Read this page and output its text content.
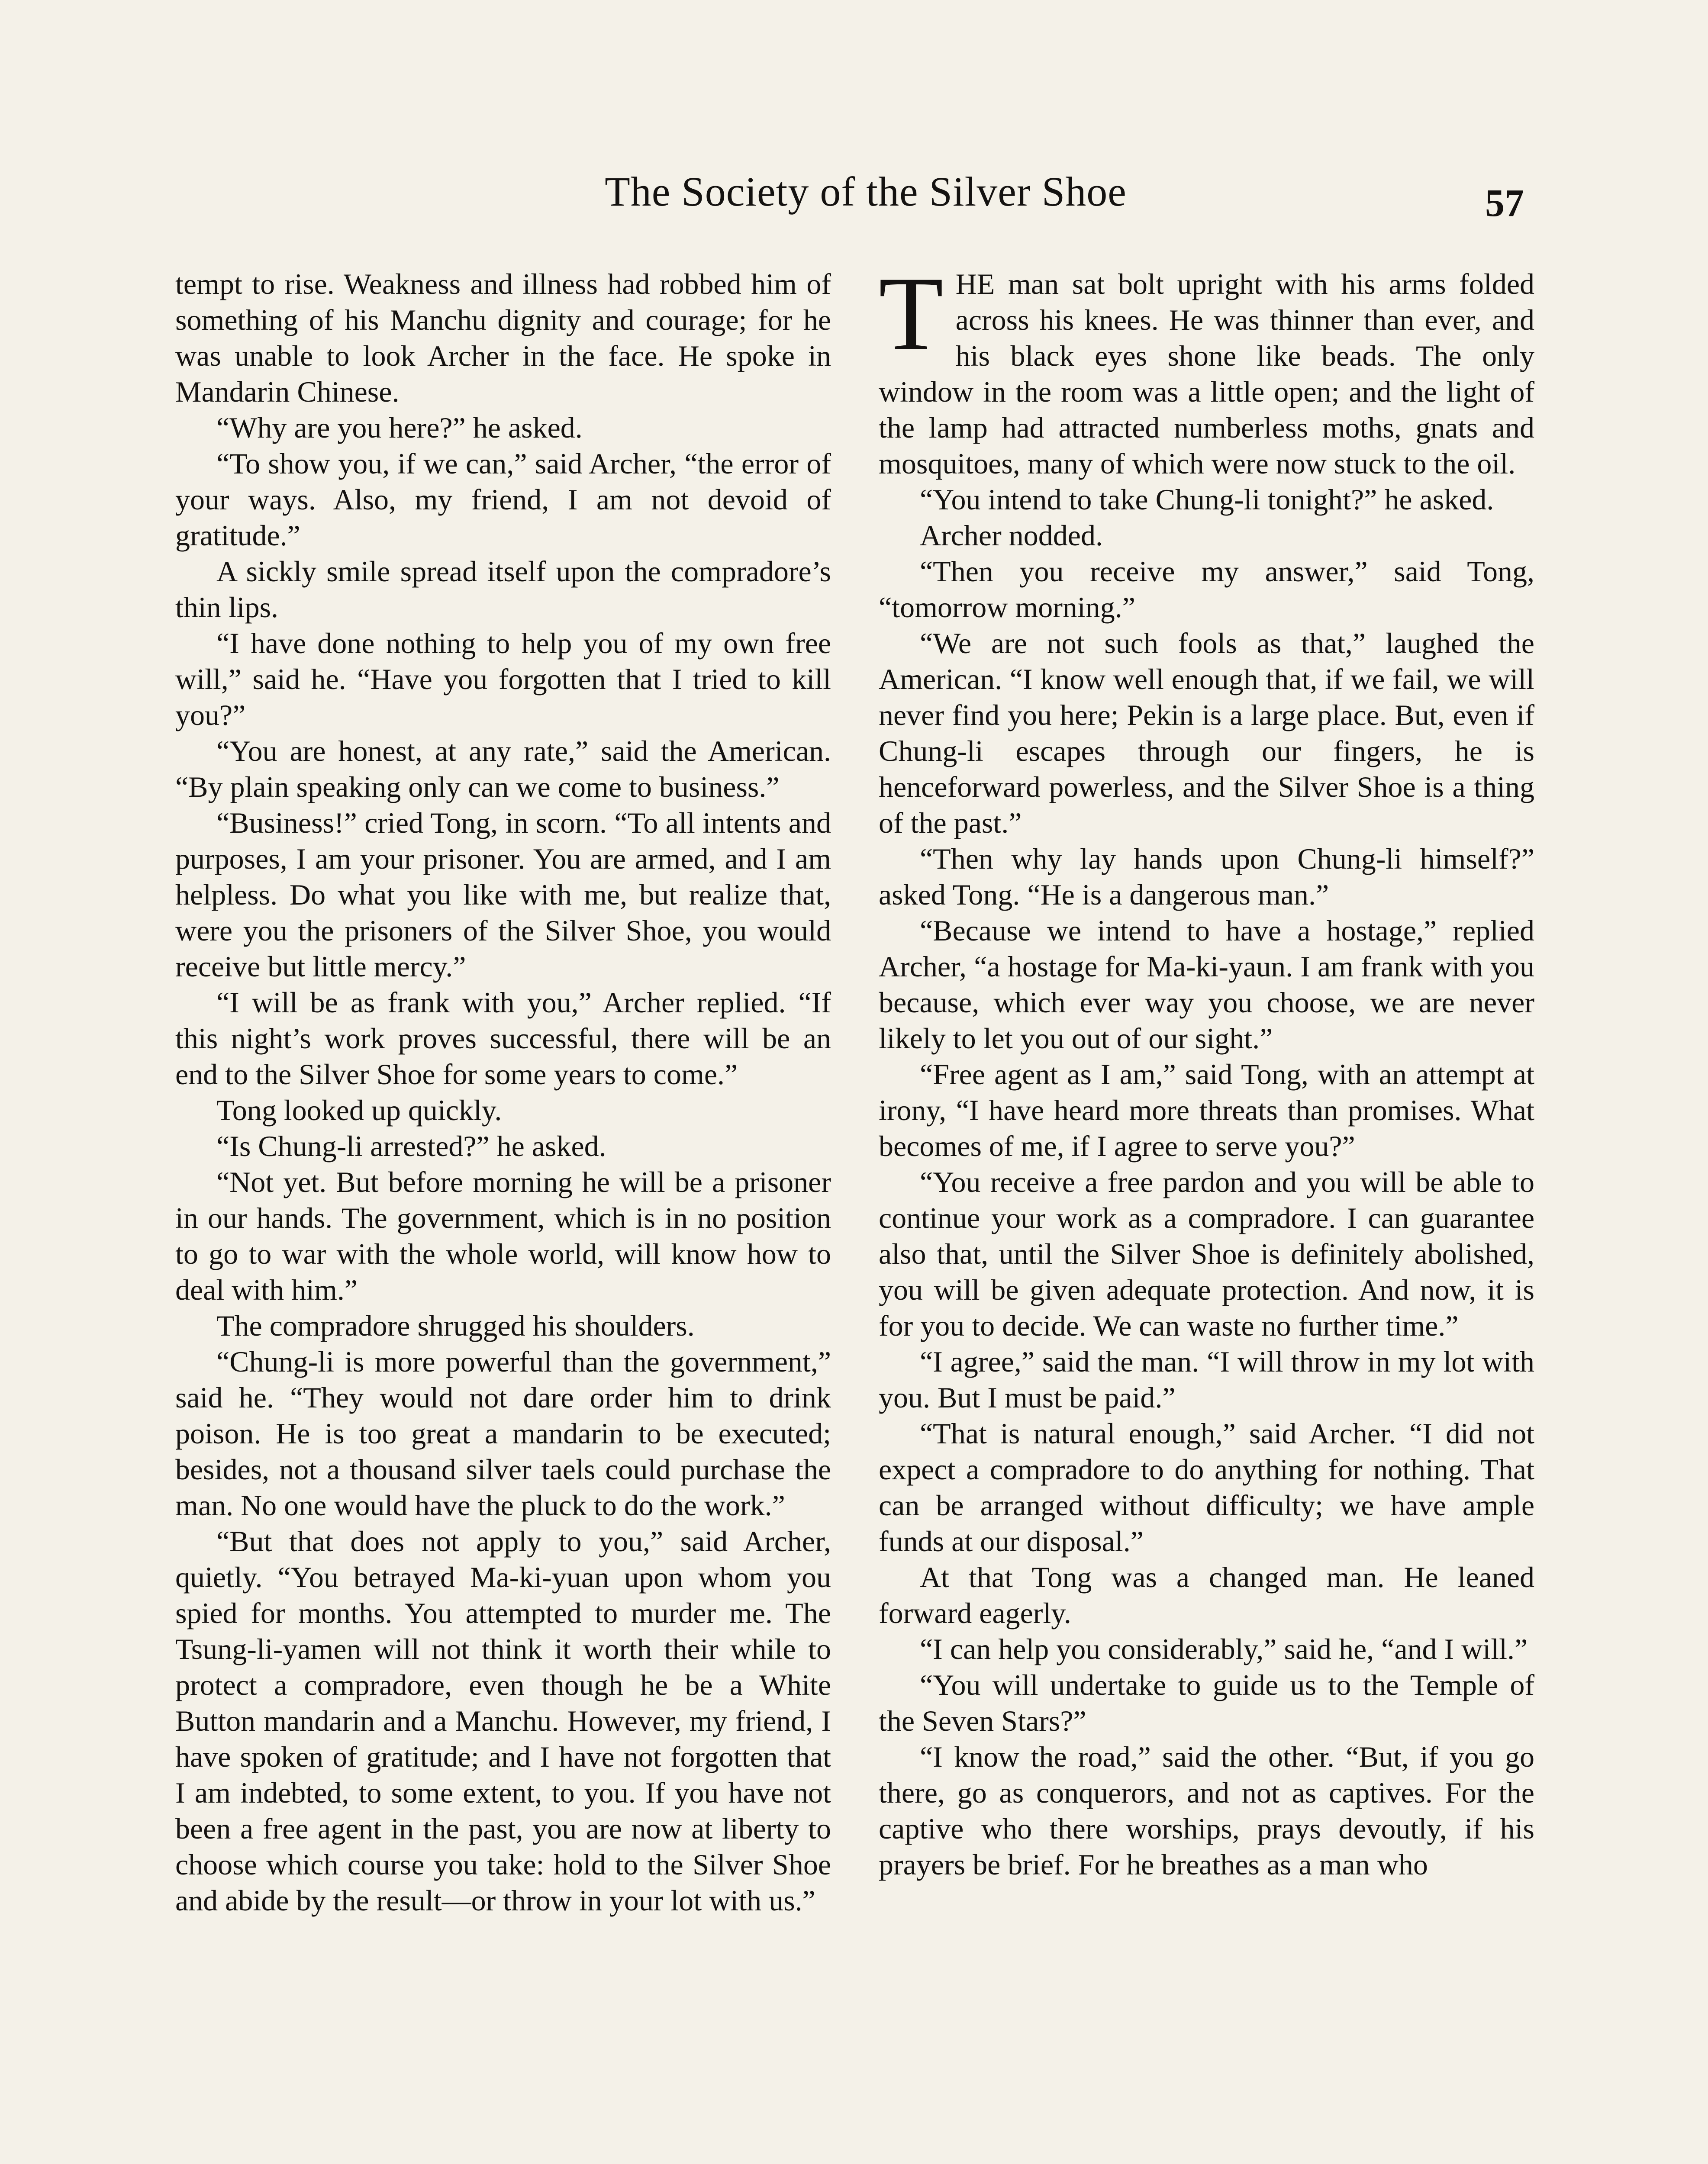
The Society of the Silver Shoe	57

tempt to rise. Weakness and illness had robbed him of something of his Manchu dignity and courage; for he was unable to look Archer in the face. He spoke in Mandarin Chinese.

“Why are you here?” he asked.

“To show you, if we can,” said Archer, “the error of your ways. Also, my friend, I am not devoid of gratitude.”

A sickly smile spread itself upon the compradore’s thin lips.

“I have done nothing to help you of my own free will,” said he. “Have you forgotten that I tried to kill you?”

“You are honest, at any rate,” said the American. “By plain speaking only can we come to business.”

“Business!” cried Tong, in scorn. “To all intents and purposes, I am your prisoner. You are armed, and I am helpless. Do what you like with me, but realize that, were you the prisoners of the Silver Shoe, you would receive but little mercy.”

“I will be as frank with you,” Archer replied. “If this night’s work proves successful, there will be an end to the Silver Shoe for some years to come.”

Tong looked up quickly.

“Is Chung-li arrested?” he asked.

“Not yet. But before morning he will be a prisoner in our hands. The government, which is in no position to go to war with the whole world, will know how to deal with him.”

The compradore shrugged his shoulders.

“Chung-li is more powerful than the government,” said he. “They would not dare order him to drink poison. He is too great a mandarin to be executed; besides, not a thousand silver taels could purchase the man. No one would have the pluck to do the work.”

“But that does not apply to you,” said Archer, quietly. “You betrayed Ma-ki-yuan upon whom you spied for months. You attempted to murder me. The Tsung-li-yamen will not think it worth their while to protect a compradore, even though he be a White Button mandarin and a Manchu. However, my friend, I have spoken of gratitude; and I have not forgotten that I am indebted, to some extent, to you. If you have not been a free agent in the past, you are now at liberty to choose which course you take: hold to the Silver Shoe and abide by the result—or throw in your lot with us.”

THE man sat bolt upright with his arms folded across his knees. He was thinner than ever, and his black eyes shone like beads. The only window in the room was a little open; and the light of the lamp had attracted numberless moths, gnats and mosquitoes, many of which were now stuck to the oil.

“You intend to take Chung-li tonight?” he asked.

Archer nodded.

“Then you receive my answer,” said Tong, “tomorrow morning.”

“We are not such fools as that,” laughed the American. “I know well enough that, if we fail, we will never find you here; Pekin is a large place. But, even if Chung-li escapes through our fingers, he is henceforward powerless, and the Silver Shoe is a thing of the past.”

“Then why lay hands upon Chung-li himself?” asked Tong. “He is a dangerous man.”

“Because we intend to have a hostage,” replied Archer, “a hostage for Ma-ki-yaun. I am frank with you because, which ever way you choose, we are never likely to let you out of our sight.”

“Free agent as I am,” said Tong, with an attempt at irony, “I have heard more threats than promises. What becomes of me, if I agree to serve you?”

“You receive a free pardon and you will be able to continue your work as a compradore. I can guarantee also that, until the Silver Shoe is definitely abolished, you will be given adequate protection. And now, it is for you to decide. We can waste no further time.”

“I agree,” said the man. “I will throw in my lot with you. But I must be paid.”

“That is natural enough,” said Archer. “I did not expect a compradore to do anything for nothing. That can be arranged without difficulty; we have ample funds at our disposal.”

At that Tong was a changed man. He leaned forward eagerly.

“I can help you considerably,” said he, “and I will.”

“You will undertake to guide us to the Temple of the Seven Stars?”

“I know the road,” said the other. “But, if you go there, go as conquerors, and not as captives. For the captive who there worships, prays devoutly, if his prayers be brief. For he breathes as a man who
